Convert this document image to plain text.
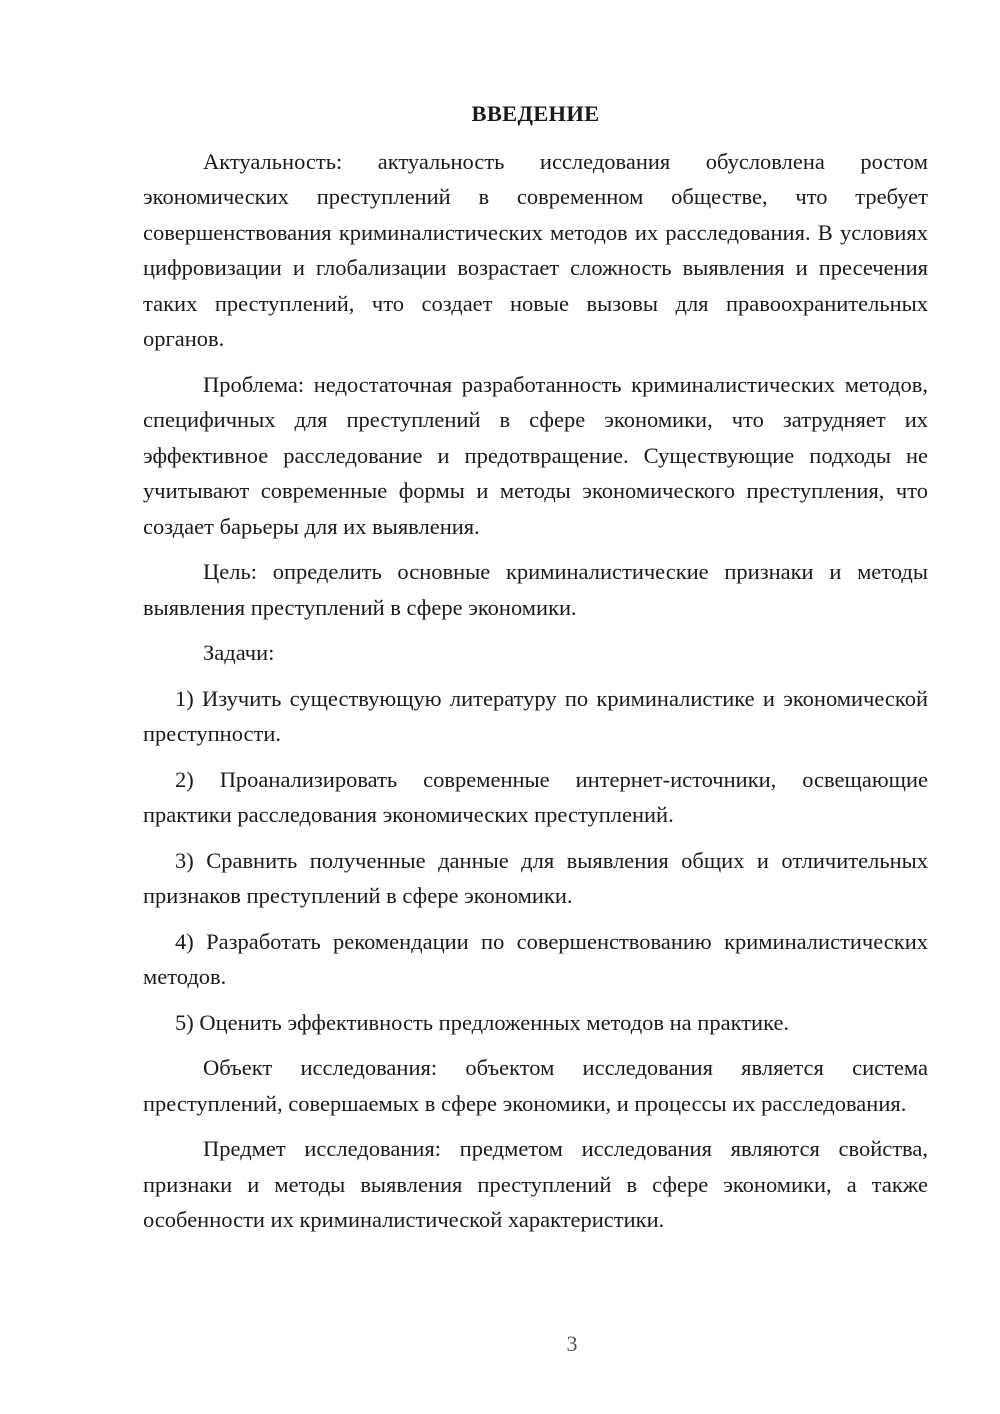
ВВЕДЕНИЕ

Актуальность: актуальность исследования обусловлена ростом экономических преступлений в современном обществе, что требует совершенствования криминалистических методов их расследования. В условиях цифровизации и глобализации возрастает сложность выявления и пресечения таких преступлений, что создает новые вызовы для правоохранительных органов.

Проблема: недостаточная разработанность криминалистических методов, специфичных для преступлений в сфере экономики, что затрудняет их эффективное расследование и предотвращение. Существующие подходы не учитывают современные формы и методы экономического преступления, что создает барьеры для их выявления.

Цель: определить основные криминалистические признаки и методы выявления преступлений в сфере экономики.

Задачи:

1) Изучить существующую литературу по криминалистике и экономической преступности.

2) Проанализировать современные интернет-источники, освещающие практики расследования экономических преступлений.

3) Сравнить полученные данные для выявления общих и отличительных признаков преступлений в сфере экономики.

4) Разработать рекомендации по совершенствованию криминалистических методов.

5) Оценить эффективность предложенных методов на практике.

Объект исследования: объектом исследования является система преступлений, совершаемых в сфере экономики, и процессы их расследования.

Предмет исследования: предметом исследования являются свойства, признаки и методы выявления преступлений в сфере экономики, а также особенности их криминалистической характеристики.

3
